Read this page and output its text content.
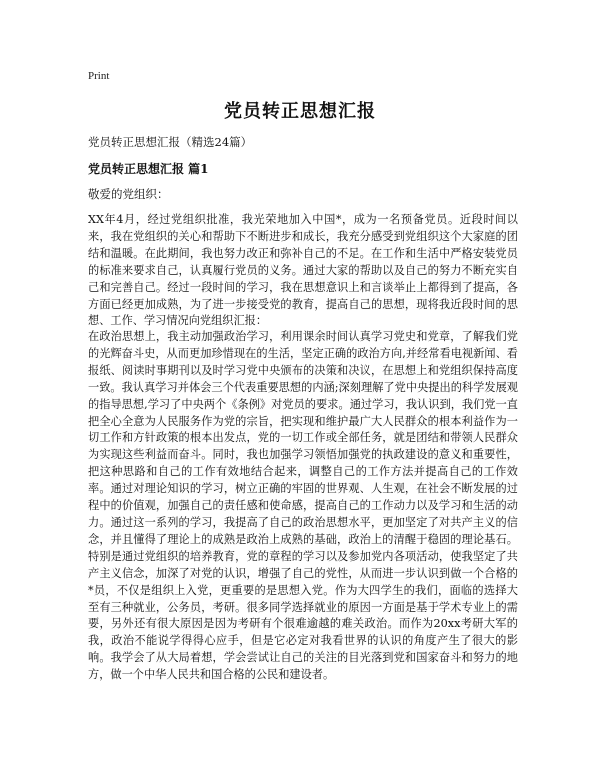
Print
党员转正思想汇报
党员转正思想汇报（精选24篇）
党员转正思想汇报 篇1
敬爱的党组织：

XX年4月，经过党组织批准，我光荣地加入中国*，成为一名预备党员。近段时间以来，我在党组织的关心和帮助下不断进步和成长，我充分感受到党组织这个大家庭的团结和温暖。在此期间，我也努力改正和弥补自己的不足。在工作和生活中严格安装党员的标准来要求自己，认真履行党员的义务。通过大家的帮助以及自己的努力不断充实自己和完善自己。经过一段时间的学习，我在思想意识上和言谈举止上都得到了提高，各方面已经更加成熟，为了进一步接受党的教育，提高自己的思想，现将我近段时间的思想、工作、学习情况向党组织汇报：

在政治思想上，我主动加强政治学习，利用课余时间认真学习党史和党章，了解我们党的光辉奋斗史，从而更加珍惜现在的生活，坚定正确的政治方向,并经常看电视新闻、看报纸、阅读时事期刊以及时学习党中央颁布的决策和决议，在思想上和党组织保持高度一致。我认真学习并体会三个代表重要思想的内涵;深刻理解了党中央提出的科学发展观的指导思想,学习了中央两个《条例》对党员的要求。通过学习，我认识到，我们党一直把全心全意为人民服务作为党的宗旨，把实现和维护最广大人民群众的根本利益作为一切工作和方针政策的根本出发点，党的一切工作或全部任务，就是团结和带领人民群众为实现这些利益而奋斗。同时，我也加强学习领悟加强党的执政建设的意义和重要性，把这种思路和自己的工作有效地结合起来，调整自己的工作方法并提高自己的工作效率。通过对理论知识的学习，树立正确的牢固的世界观、人生观，在社会不断发展的过程中的价值观，加强自己的责任感和使命感，提高自己的工作动力以及学习和生活的动力。通过这一系列的学习，我提高了自己的政治思想水平，更加坚定了对共产主义的信念，并且懂得了理论上的成熟是政治上成熟的基础，政治上的清醒于稳固的理论基石。特别是通过党组织的培养教育，党的章程的学习以及参加党内各项活动，使我坚定了共产主义信念，加深了对党的认识，增强了自己的党性，从而进一步认识到做一个合格的*员，不仅是组织上入党，更重要的是思想入党。作为大四学生的我们，面临的选择大至有三种就业，公务员，考研。很多同学选择就业的原因一方面是基于学术专业上的需要，另外还有很大原因是因为考研有个很难逾越的难关政治。而作为20xx考研大军的我，政治不能说学得得心应手，但是它必定对我看世界的认识的角度产生了很大的影响。我学会了从大局着想，学会尝试让自己的关注的目光落到党和国家奋斗和努力的地方，做一个中华人民共和国合格的公民和建设者。
